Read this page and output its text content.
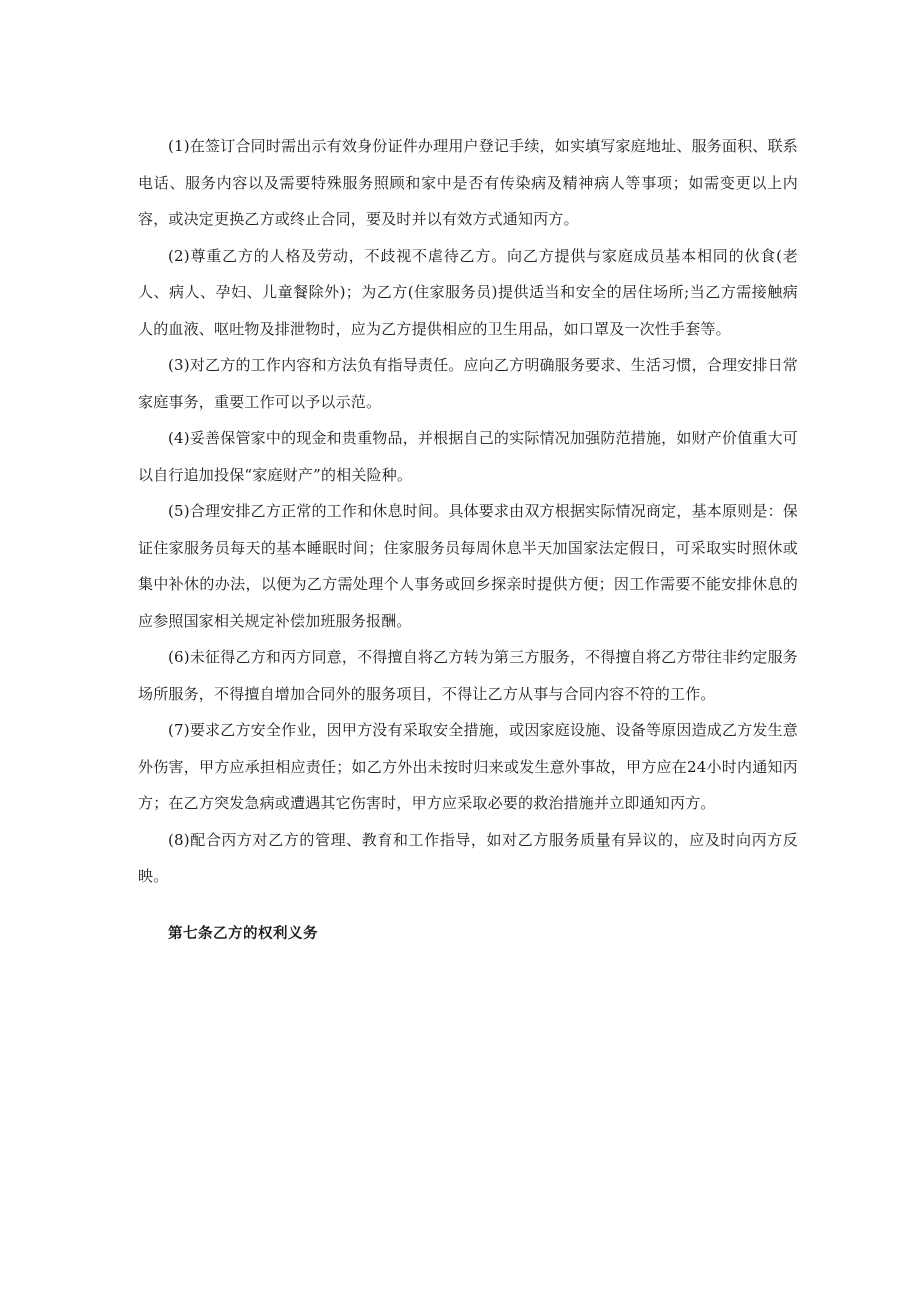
(1)在签订合同时需出示有效身份证件办理用户登记手续，如实填写家庭地址、服务面积、联系电话、服务内容以及需要特殊服务照顾和家中是否有传染病及精神病人等事项；如需变更以上内容，或决定更换乙方或终止合同，要及时并以有效方式通知丙方。

(2)尊重乙方的人格及劳动，不歧视不虐待乙方。向乙方提供与家庭成员基本相同的伙食(老人、病人、孕妇、儿童餐除外)；为乙方(住家服务员)提供适当和安全的居住场所;当乙方需接触病人的血液、呕吐物及排泄物时，应为乙方提供相应的卫生用品，如口罩及一次性手套等。

(3)对乙方的工作内容和方法负有指导责任。应向乙方明确服务要求、生活习惯，合理安排日常家庭事务，重要工作可以予以示范。

(4)妥善保管家中的现金和贵重物品，并根据自己的实际情况加强防范措施，如财产价值重大可以自行追加投保“家庭财产”的相关险种。

(5)合理安排乙方正常的工作和休息时间。具体要求由双方根据实际情况商定，基本原则是：保证住家服务员每天的基本睡眠时间；住家服务员每周休息半天加国家法定假日，可采取实时照休或集中补休的办法，以便为乙方需处理个人事务或回乡探亲时提供方便；因工作需要不能安排休息的应参照国家相关规定补偿加班服务报酬。

(6)未征得乙方和丙方同意，不得擅自将乙方转为第三方服务，不得擅自将乙方带往非约定服务场所服务，不得擅自增加合同外的服务项目，不得让乙方从事与合同内容不符的工作。

(7)要求乙方安全作业，因甲方没有采取安全措施，或因家庭设施、设备等原因造成乙方发生意外伤害，甲方应承担相应责任；如乙方外出未按时归来或发生意外事故，甲方应在24小时内通知丙方；在乙方突发急病或遭遇其它伤害时，甲方应采取必要的救治措施并立即通知丙方。

(8)配合丙方对乙方的管理、教育和工作指导，如对乙方服务质量有异议的，应及时向丙方反映。

第七条乙方的权利义务
